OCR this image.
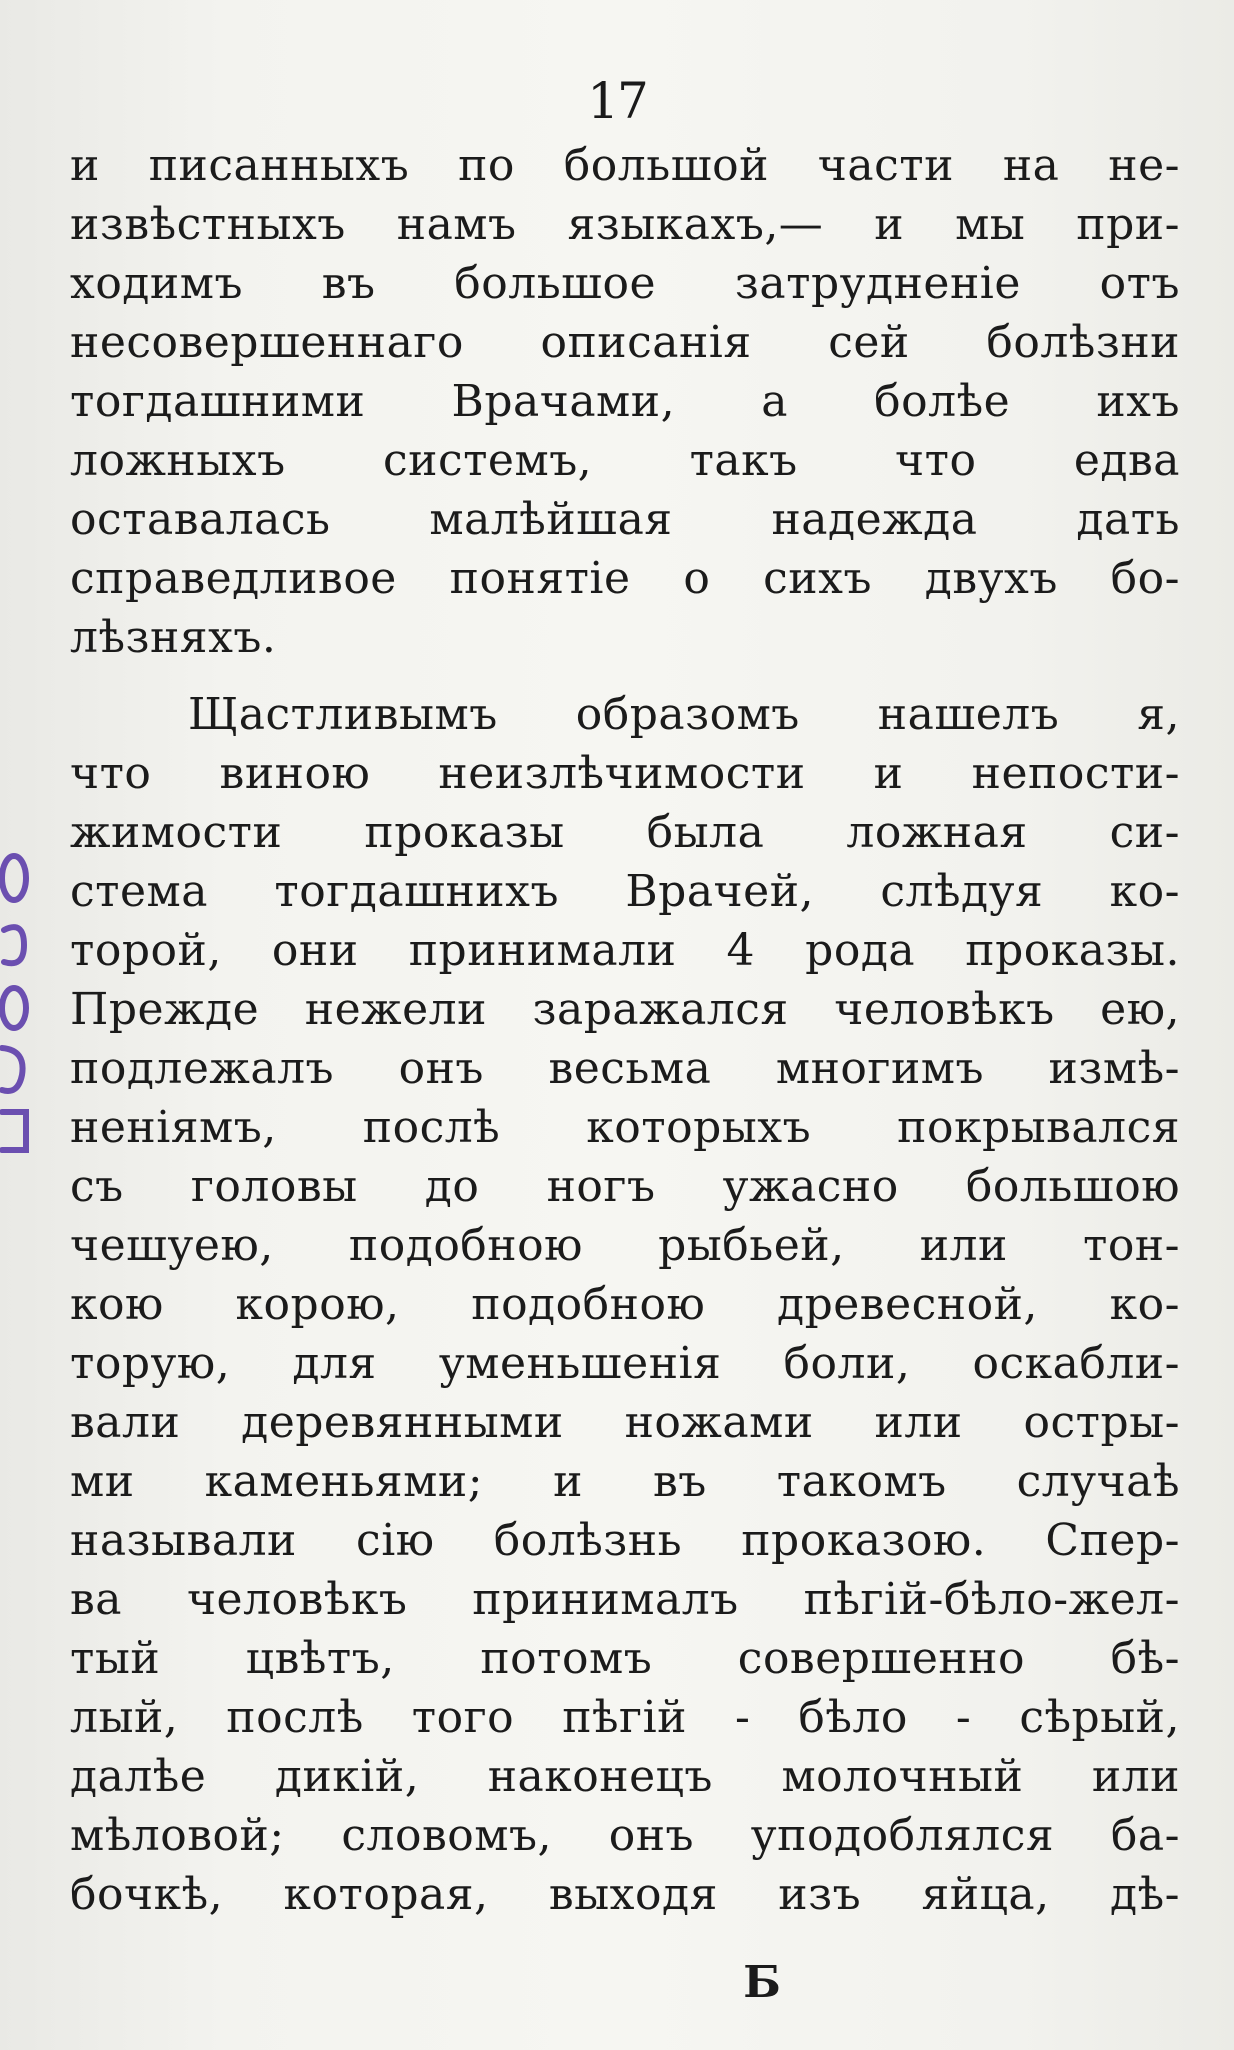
17
и писанныхъ по большой части на не-
извѣстныхъ намъ языкахъ,— и мы при-
ходимъ въ большое затрудненіе отъ
несовершеннаго описанія сей болѣзни
тогдашними Врачами, а болѣе ихъ
ложныхъ системъ, такъ что едва
оставалась малѣйшая надежда дать
справедливое понятіе о сихъ двухъ бо-
лѣзняхъ.
Щастливымъ образомъ нашелъ я,
что виною неизлѣчимости и непости-
жимости проказы была ложная си-
стема тогдашнихъ Врачей, слѣдуя ко-
торой, они принимали 4 рода проказы.
Прежде нежели заражался человѣкъ ею,
подлежалъ онъ весьма многимъ измѣ-
неніямъ, послѣ которыхъ покрывался
съ головы до ногъ ужасно большою
чешуею, подобною рыбьей, или тон-
кою корою, подобною древесной, ко-
торую, для уменьшенія боли, оскабли-
вали деревянными ножами или остры-
ми каменьями; и въ такомъ случаѣ
называли сію болѣзнь проказою. Спер-
ва человѣкъ принималъ пѣгій-бѣло-жел-
тый цвѣтъ, потомъ совершенно бѣ-
лый, послѣ того пѣгій - бѣло - сѣрый,
далѣе дикій, наконецъ молочный или
мѣловой; словомъ, онъ уподоблялся ба-
бочкѣ, которая, выходя изъ яйца, дѣ-
Б
